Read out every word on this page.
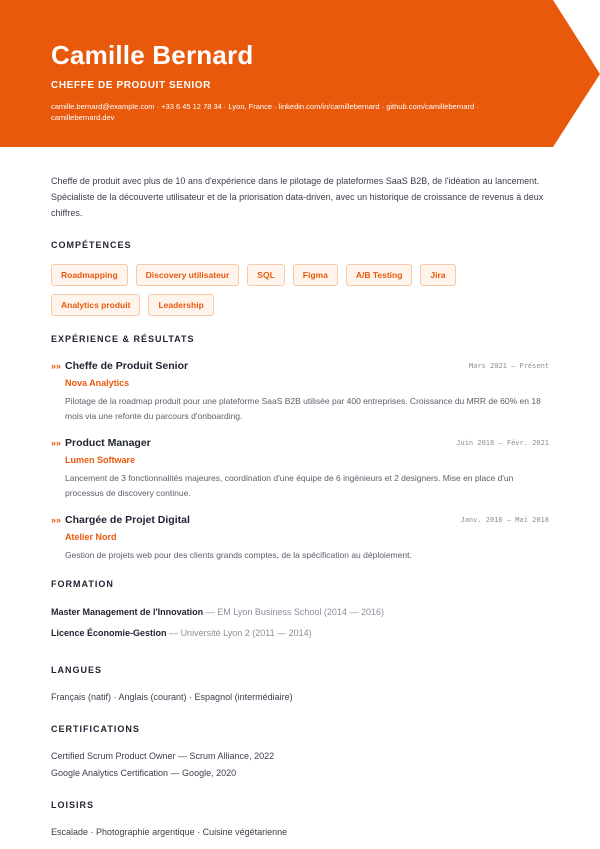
Camille Bernard
CHEFFE DE PRODUIT SENIOR
camille.bernard@example.com · +33 6 45 12 78 34 · Lyon, France · linkedin.com/in/camillebernard · github.com/camillebernard · camillebernard.dev

Cheffe de produit avec plus de 10 ans d'expérience dans le pilotage de plateformes SaaS B2B, de l'idéation au lancement. Spécialiste de la découverte utilisateur et de la priorisation data-driven, avec un historique de croissance de revenus à deux chiffres.

COMPÉTENCES
Roadmapping	Discovery utilisateur	SQL	Figma	A/B Testing	Jira
Analytics produit	Leadership
EXPÉRIENCE & RÉSULTATS
»» Cheffe de Produit Senior	Mars 2021 — Présent
Nova Analytics
Pilotage de la roadmap produit pour une plateforme SaaS B2B utilisée par 400 entreprises. Croissance du MRR de 60% en 18 mois via une refonte du parcours d'onboarding.
»» Product Manager	Juin 2018 — Févr. 2021
Lumen Software
Lancement de 3 fonctionnalités majeures, coordination d'une équipe de 6 ingénieurs et 2 designers. Mise en place d'un processus de discovery continue.
»» Chargée de Projet Digital	Janv. 2016 — Mai 2018
Atelier Nord
Gestion de projets web pour des clients grands comptes, de la spécification au déploiement.
FORMATION
Master Management de l'Innovation — EM Lyon Business School (2014 — 2016)
Licence Économie-Gestion — Université Lyon 2 (2011 — 2014)
LANGUES
Français (natif) · Anglais (courant) · Espagnol (intermédiaire)
CERTIFICATIONS
Certified Scrum Product Owner — Scrum Alliance, 2022
Google Analytics Certification — Google, 2020
LOISIRS
Escalade · Photographie argentique · Cuisine végétarienne
